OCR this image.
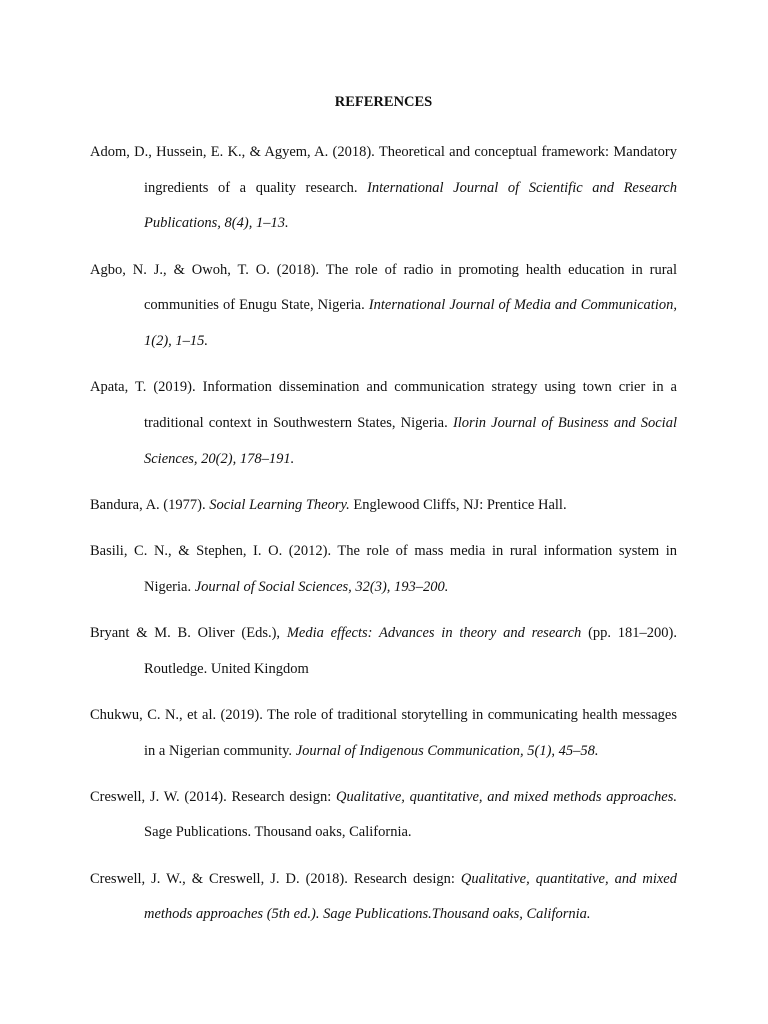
REFERENCES
Adom, D., Hussein, E. K., & Agyem, A. (2018). Theoretical and conceptual framework: Mandatory ingredients of a quality research. International Journal of Scientific and Research Publications, 8(4), 1–13.
Agbo, N. J., & Owoh, T. O. (2018). The role of radio in promoting health education in rural communities of Enugu State, Nigeria. International Journal of Media and Communication, 1(2), 1–15.
Apata, T. (2019). Information dissemination and communication strategy using town crier in a traditional context in Southwestern States, Nigeria. Ilorin Journal of Business and Social Sciences, 20(2), 178–191.
Bandura, A. (1977). Social Learning Theory. Englewood Cliffs, NJ: Prentice Hall.
Basili, C. N., & Stephen, I. O. (2012). The role of mass media in rural information system in Nigeria. Journal of Social Sciences, 32(3), 193–200.
Bryant & M. B. Oliver (Eds.), Media effects: Advances in theory and research (pp. 181–200). Routledge. United Kingdom
Chukwu, C. N., et al. (2019). The role of traditional storytelling in communicating health messages in a Nigerian community. Journal of Indigenous Communication, 5(1), 45–58.
Creswell, J. W. (2014). Research design: Qualitative, quantitative, and mixed methods approaches. Sage Publications. Thousand oaks, California.
Creswell, J. W., & Creswell, J. D. (2018). Research design: Qualitative, quantitative, and mixed methods approaches (5th ed.). Sage Publications.Thousand oaks, California.
